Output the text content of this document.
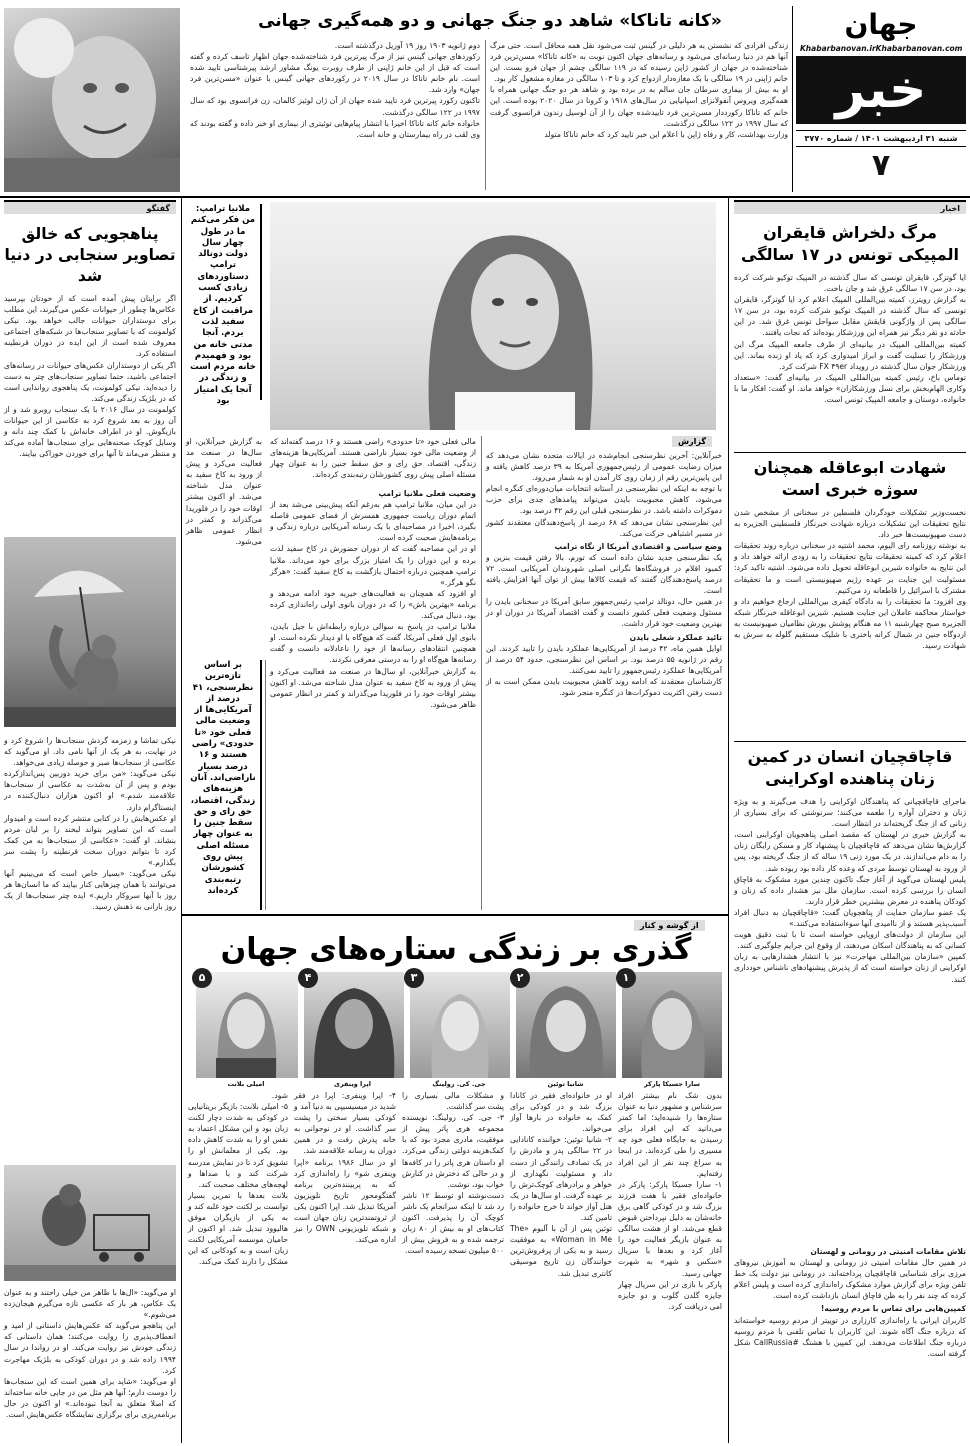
جهان
Khabarbanovan.ir Khabarbanovan.com
خبر
شنبه ۳۱ اردیبهشت ۱۴۰۱ / شماره ۳۷۷۰
۷
«کانه تاناکا» شاهد دو جنگ جهانی و دو همه‌گیری جهانی

زندگی افرادی که نشستن به هر دلیلی در گینس ثبت می‌شود نقل همه محافل است. حتی مرگ آنها هم در دنیا رسانه‌ای می‌شود و رسانه‌های جهان اکنون نوبت به «کانه تاناکا» مسن‌ترین فرد شناخته‌شده در جهان از کشور ژاپن رسیده که در ۱۱۹ سالگی چشم از جهان فرو بست. این خانم ژاپنی در ۱۹ سالگی با یک مغازه‌دار ازدواج کرد و تا ۱۰۳ سالگی در مغازه مشغول کار بود.
او به بیش از بیماری سرطان جان سالم به در برده بود و شاهد هر دو جنگ جهانی همراه با همه‌گیری ویروس آنفولانزای اسپانیایی در سال‌های ۱۹۱۸ و کرونا در سال ۲۰۲۰ بوده است. این خانم که تاناکا رکورددار مسن‌ترین فرد تاییدشده جهان را از آن لوسیل رندون فرانسوی گرفت که سال ۱۹۹۷ در ۱۲۲ سالگی درگذشت.
وزارت بهداشت، کار و رفاه ژاپن با اعلام این خبر تایید کرد که خانم تاناکا متولد

دوم ژانویه ۱۹۰۳ روز ۱۹ آوریل درگذشته است.
رکوردهای جهانی گینس نیز از مرگ پیرترین فرد شناخته‌شده جهان اظهار تاسف کرده و گفته است که قبل از این خانم ژاپنی از طرف روبرت یونگ مشاور ارشد پیرشناسی تایید شده است. نام خانم تاناکا در سال ۲۰۱۹ در رکوردهای جهانی گینس با عنوان «مسن‌ترین فرد جهان» وارد شد.
تاکنون رکورد پیرترین فرد تایید شده جهان از آن ژان لوئیز کالمان، زن فرانسوی بود که سال ۱۹۹۷ در ۱۲۲ سالگی درگذشت.
خانواده خانم کانه تاناکا اخیرا با انتشار پیام‌هایی توئیتری از بیماری او خبر داده و گفته بودند که وی لقب در راه بیمارستان و خانه است.

اخبار
مرگ دلخراش قایقران المپیکی تونس در ۱۷ سالگی

ایا گوتزگر، قایقران تونسی که سال گذشته در المپیک توکیو شرکت کرده بود، در سن ۱۷ سالگی غرق شد و جان باخت.
به گزارش رویترز، کمیته بین‌المللی المپیک اعلام کرد ایا گوتزگر، قایقران تونسی که سال گذشته در المپیک توکیو شرکت کرده بود، در سن ۱۷ سالگی پس از واژگونی قایقش مقابل سواحل تونس غرق شد. در این حادثه دو نفر دیگر نیز همراه این ورزشکار بوده‌اند که نجات یافتند.
کمیته بین‌المللی المپیک در بیانیه‌ای از طرف جامعه المپیک مرگ این ورزشکار را تسلیت گفت و ابراز امیدواری کرد که یاد او زنده بماند. این ورزشکار جوان سال گذشته در رویداد FX ۴۹er شرکت کرد.
توماس باخ، رئیس کمیته بین‌المللی المپیک در بیانیه‌ای گفت: «ستعداد وکاری الهام‌بخش برای نسل ورزشکاران» خواهد ماند. او گفت: افکار ما با خانواده، دوستان و جامعه المپیک تونس است.

شهادت ابوعاقله همچنان سوژه خبری است

نخست‌وزیر تشکیلات خودگردان فلسطین در سخنانی از مشخص شدن نتایج تحقیقات این تشکیلات درباره شهادت خبرنگار فلسطینی الجزیره به دست صهیونیست‌ها خبر داد.
به نوشته روزنامه رای الیوم، محمد اشتیه در سخنانی درباره روند تحقیقات اعلام کرد که کمیته تحقیقات نتایج تحقیقات را به زودی ارائه خواهد داد و این نتایج به خانواده شیرین ابوعاقله تحویل داده می‌شود. اشتیه تاکید کرد: مسئولیت این جنایت بر عهده رژیم صهیونیستی است و ما تحقیقات مشترک با اسرائیل را قاطعانه رد می‌کنیم.
وی افزود: ما تحقیقات را به دادگاه کیفری بین‌المللی ارجاع خواهیم داد و خواستار محاکمه عاملان این جنایت هستیم. شیرین ابوعاقله خبرنگار شبکه الجزیره صبح چهارشنبه ۱۱ مه هنگام پوشش یورش نظامیان صهیونیست به اردوگاه جنین در شمال کرانه باختری با شلیک مستقیم گلوله به سرش به شهادت رسید.

قاچاقچیان انسان در کمین زنان پناهنده اوکراینی

ماجرای قاچاقچیانی که پناهندگان اوکراینی را هدف می‌گیرند و به ویژه زنان و دختران آواره را طعمه می‌کنند؛ سرنوشتی که برای بسیاری از زنانی که از جنگ گریخته‌اند در انتظار است.
به گزارش خبری در لهستان که مقصد اصلی پناهجویان اوکراینی است، گزارش‌ها نشان می‌دهد که قاچاقچیان با پیشنهاد کار و مسکن رایگان زنان را به دام می‌اندازند. در یک مورد زنی ۱۹ ساله که از جنگ گریخته بود، پس از ورود به لهستان توسط مردی که وعده کار داده بود ربوده شد.
پلیس لهستان می‌گوید از آغاز جنگ تاکنون چندین مورد مشکوک به قاچاق انسان را بررسی کرده است. سازمان ملل نیز هشدار داده که زنان و کودکان پناهنده در معرض بیشترین خطر قرار دارند.
یک عضو سازمان حمایت از پناهجویان گفت: «قاچاقچیان به دنبال افراد آسیب‌پذیر هستند و از ناامیدی آنها سوءاستفاده می‌کنند.»
این سازمان از دولت‌های اروپایی خواسته است تا با ثبت دقیق هویت کسانی که به پناهندگان اسکان می‌دهند، از وقوع این جرایم جلوگیری کنند.
کمپین «سازمان بین‌المللی مهاجرت» نیز با انتشار هشدارهایی به زبان اوکراینی از زنان خواسته است که از پذیرش پیشنهادهای ناشناس خودداری کنند.

تلاش مقامات امنیتی در رومانی و لهستان

در همین حال مقامات امنیتی در رومانی و لهستان به آموزش نیروهای مرزی برای شناسایی قاچاقچیان پرداخته‌اند. در رومانی نیز دولت یک خط تلفن ویژه برای گزارش موارد مشکوک راه‌اندازی کرده است و پلیس اعلام کرده که چند نفر را به ظن قاچاق انسان بازداشت کرده است.

کمپین‌هایی برای تماس با مردم روسیه!

کاربران ایرانی با راه‌اندازی کارزاری در توییتر از مردم روسیه خواسته‌اند که درباره جنگ آگاه شوند. این کاربران با تماس تلفنی با مردم روسیه درباره جنگ اطلاعات می‌دهند. این کمپین با هشتگ #CallRussia شکل گرفته است.

گفتگو
پناهجویی که خالق تصاویر سنجابی در دنیا شد

اگر برایتان پیش آمده است که از خودتان بپرسید عکاس‌ها چطور از حیوانات عکس می‌گیرند، این مطلب برای دوستداران حیوانات جالب خواهد بود. نیکی کولمونت که با تصاویر سنجاب‌ها در شبکه‌های اجتماعی معروف شده است از این ایده در دوران قرنطینه استفاده کرد.
اگر یکی از دوستداران عکس‌های حیوانات در رسانه‌های اجتماعی باشید، حتما تصاویر سنجاب‌های چتر به دست را دیده‌اید. نیکی کولمونت، یک پناهجوی رواندایی است که در بلژیک زندگی می‌کند.
کولمونت در سال ۲۰۱۶ با یک سنجاب روبرو شد و از آن روز به بعد شروع کرد به عکاسی از این حیوانات بازیگوش. او در اطراف خانه‌اش با کمک چند دانه و وسایل کوچک صحنه‌هایی برای سنجاب‌ها آماده می‌کند و منتظر می‌ماند تا آنها برای خوردن خوراکی بیایند.

نیکی تماشا و زمزمه گردش سنجاب‌ها را شروع کرد و در نهایت، به هر یک از آنها نامی داد. او می‌گوید که عکاسی از سنجاب‌ها صبر و حوصله زیادی می‌خواهد.
نیکی می‌گوید: «من برای خرید دوربین پس‌اندازکرده بودم و پس از آن به‌شدت به عکاسی از سنجاب‌ها علاقه‌مند شدم.» او اکنون هزاران دنبال‌کننده در اینستاگرام دارد.
او عکس‌هایش را در کتابی منتشر کرده است و امیدوار است که این تصاویر بتواند لبخند را بر لبان مردم بنشاند. او گفت: «عکاسی از سنجاب‌ها به من کمک کرد تا بتوانم دوران سخت قرنطینه را پشت سر بگذارم.»
نیکی می‌گوید: «بسیار خاص است که می‌بینیم آنها می‌توانند با همان چیزهایی کنار بیایند که ما انسان‌ها هر روز با آنها سروکار داریم.» ایده چتر سنجاب‌ها از یک روز بارانی به ذهنش رسید.

او می‌گوید: «ال‌ها با ظاهر من خیلی راحتند و به عنوان یک عکاس، هر بار که عکسی تازه می‌گیرم هیجان‌زده می‌شوم.»
این پناهجو می‌گوید که عکس‌هایش داستانی از امید و انعطاف‌پذیری را روایت می‌کنند؛ همان داستانی که زندگی خودش نیز روایت می‌کند. او در رواندا در سال ۱۹۹۴ زاده شد و در دوران کودکی به بلژیک مهاجرت کرد.
او می‌گوید: «شاید برای همین است که این سنجاب‌ها را دوست دارم؛ آنها هم مثل من در جایی خانه ساخته‌اند که اصلا متعلق به آنجا نبوده‌اند.» او اکنون در حال برنامه‌ریزی برای برگزاری نمایشگاه عکس‌هایش است.

ملانیا ترامپ: من فکر می‌کنم ما در طول چهار سال دولت دونالد ترامپ دستاوردهای زیادی کسب کردیم. از مراقبت از کاخ سفید لذت بردم. آنجا مدتی خانه من بود و فهمیدم خانه مردم است و زندگی در آنجا یک امتیاز بود
گزارش

خبرآنلاین: آخرین نظرسنجی انجام‌شده در ایالات متحده نشان می‌دهد که میزان رضایت عمومی از رئیس‌جمهوری آمریکا به ۳۹ درصد کاهش یافته و این پایین‌ترین رقم از زمان روی کار آمدن او به شمار می‌رود.
با توجه به اینکه این نظرسنجی در آستانه انتخابات میان‌دوره‌ای کنگره انجام می‌شود، کاهش محبوبیت بایدن می‌تواند پیامدهای جدی برای حزب دموکرات داشته باشد. در نظرسنجی قبلی این رقم ۴۲ درصد بود.
این نظرسنجی نشان می‌دهد که ۶۸ درصد از پاسخ‌دهندگان معتقدند کشور در مسیر اشتباهی حرکت می‌کند.

وضع سیاسی و اقتصادی آمریکا از نگاه ترامپ

یک نظرسنجی جدید نشان داده است که تورم، بالا رفتن قیمت بنزین و کمبود اقلام در فروشگاه‌ها نگرانی اصلی شهروندان آمریکایی است. ۷۲ درصد پاسخ‌دهندگان گفتند که قیمت کالاها بیش از توان آنها افزایش یافته است.
در همین حال، دونالد ترامپ رئیس‌جمهور سابق آمریکا در سخنانی بایدن را مسئول وضعیت فعلی کشور دانست و گفت اقتصاد آمریکا در دوران او در بهترین وضعیت خود قرار داشت.

تائید عملکرد شغلی بایدن

اوایل همین ماه، ۴۲ درصد از آمریکایی‌ها عملکرد بایدن را تایید کردند. این رقم در ژانویه ۵۵ درصد بود. بر اساس این نظرسنجی، حدود ۵۴ درصد از آمریکایی‌ها عملکرد رئیس‌جمهور را تایید نمی‌کنند.
کارشناسان معتقدند که ادامه روند کاهش محبوبیت بایدن ممکن است به از دست رفتن اکثریت دموکرات‌ها در کنگره منجر شود.

مالی فعلی خود «تا حدودی» راضی هستند و ۱۶ درصد گفته‌اند که از وضعیت مالی خود بسیار ناراضی هستند. آمریکایی‌ها هزینه‌های زندگی، اقتصاد، حق رای و حق سقط جنین را به عنوان چهار مسئله اصلی پیش روی کشورشان رتبه‌بندی کرده‌اند.

وضعیت فعلی ملانیا ترامپ

در این میان، ملانیا ترامپ هم به‌رغم آنکه پیش‌بینی می‌شد بعد از اتمام دوران ریاست جمهوری همسرش از فضای عمومی فاصله بگیرد، اخیرا در مصاحبه‌ای با یک رسانه آمریکایی درباره زندگی و برنامه‌هایش صحبت کرده است.
او در این مصاحبه گفت که از دوران حضورش در کاخ سفید لذت برده و این دوران را یک امتیاز بزرگ برای خود می‌داند. ملانیا ترامپ همچنین درباره احتمال بازگشت به کاخ سفید گفت: «هرگز نگو هرگز.»
او افزود که همچنان به فعالیت‌های خیریه خود ادامه می‌دهد و برنامه «بهترین باش» را که در دوران بانوی اولی راه‌اندازی کرده بود، دنبال می‌کند.
ملانیا ترامپ در پاسخ به سوالی درباره رابطه‌اش با جیل بایدن، بانوی اول فعلی آمریکا، گفت که هیچ‌گاه با او دیدار نکرده است. او همچنین انتقادهای رسانه‌ها از خود را ناعادلانه دانست و گفت رسانه‌ها هیچ‌گاه او را به درستی معرفی نکردند.

به گزارش خبرآنلاین، او سال‌ها در صنعت مد فعالیت می‌کرد و پیش از ورود به کاخ سفید به عنوان مدل شناخته می‌شد. او اکنون بیشتر اوقات خود را در فلوریدا می‌گذراند و کمتر در انظار عمومی ظاهر می‌شود.

بر اساس تازه‌ترین نظرسنجی، ۴۱ درصد از آمریکایی‌ها از وضعیت مالی فعلی خود «تا حدودی» راضی هستند و ۱۶ درصد بسیار ناراضی‌اند. آنان هزینه‌های زندگی، اقتصاد، حق رای و حق سقط جنین را به عنوان چهار مسئله اصلی پیش روی کشورشان رتبه‌بندی کرده‌اند

به گزارش خبرآنلاین، او سال‌ها در صنعت مد فعالیت می‌کرد و پیش از ورود به کاخ سفید به عنوان مدل شناخته می‌شد. او اکنون بیشتر اوقات خود را در فلوریدا می‌گذراند و کمتر در انظار عمومی ظاهر می‌شود.

از گوشه و کنار
گذری بر زندگی ستاره‌های جهان
۱
۲
۳
۴
۵

بدون شک نام بیشتر افراد سرشناس و مشهور دنیا به عنوان ستاره‌ها را شنیده‌اید؛ اما کمتر می‌دانید که این افراد برای رسیدن به جایگاه فعلی خود چه مسیری را طی کرده‌اند. در اینجا به سراغ چند نفر از این افراد رفته‌ایم.
۱- سارا جسیکا پارکر: پارکر در خانواده‌ای فقیر با هفت فرزند بزرگ شد و در کودکی گاهی برق خانه‌شان به دلیل نپرداختن قبوض قطع می‌شد. او از هشت سالگی به عنوان بازیگر فعالیت خود را آغاز کرد و بعدها با سریال «سکس و شهر» به شهرت جهانی رسید.
پارکر با بازی در این سریال چهار جایزه گلدن گلوب و دو جایزه امی دریافت کرد.

او در خانواده‌ای فقیر در کانادا بزرگ شد و در کودکی برای کمک به خانواده در بارها آواز می‌خواند.
۲- شانیا توئین: خواننده کانادایی در ۲۲ سالگی پدر و مادرش را در یک تصادف رانندگی از دست داد و مسئولیت نگهداری از خواهر و برادرهای کوچک‌ترش را بر عهده گرفت. او سال‌ها در یک هتل آواز خواند تا خرج خانواده را تامین کند.
توئین پس از آن با آلبوم «The Woman in Me» به موفقیت رسید و به یکی از پرفروش‌ترین خوانندگان زن تاریخ موسیقی کانتری تبدیل شد.

و مشکلات مالی بسیاری را پشت سر گذاشت.
۳- جی. کی. رولینگ: نویسنده مجموعه هری پاتر پیش از موفقیت، مادری مجرد بود که با کمک‌هزینه دولتی زندگی می‌کرد. او داستان هری پاتر را در کافه‌ها و در حالی که دخترش در کنارش خواب بود، نوشت.
دست‌نوشته او توسط ۱۲ ناشر رد شد تا اینکه سرانجام یک ناشر کوچک آن را پذیرفت. اکنون کتاب‌های او به بیش از ۸۰ زبان ترجمه شده و به فروش بیش از ۵۰۰ میلیون نسخه رسیده است.

۴- اپرا وینفری: اپرا در فقر شدید در میسیسیپی به دنیا آمد و کودکی بسیار سختی را پشت سر گذاشت. او در نوجوانی به خانه پدرش رفت و در همین دوران به رسانه علاقه‌مند شد.
او در سال ۱۹۸۶ برنامه «اپرا وینفری شو» را راه‌اندازی کرد که به پربیننده‌ترین برنامه گفتگومحور تاریخ تلویزیون آمریکا تبدیل شد. اپرا اکنون یکی از ثروتمندترین زنان جهان است و شبکه تلویزیونی OWN را نیز اداره می‌کند.

شود.
۵- امیلی بلانت: بازیگر بریتانیایی در کودکی به شدت دچار لکنت زبان بود و این مشکل اعتماد به نفس او را به شدت کاهش داده بود. یکی از معلمانش او را تشویق کرد تا در نمایش مدرسه شرکت کند و با صداها و لهجه‌های مختلف صحبت کند.
بلانت بعدها با تمرین بسیار توانست بر لکنت خود غلبه کند و به یکی از بازیگران موفق هالیوود تبدیل شد. او اکنون از حامیان موسسه آمریکایی لکنت زبان است و به کودکانی که این مشکل را دارند کمک می‌کند.

سارا جسیکا پارکر
شانیا توئین
جی. کی. رولینگ
اپرا وینفری
امیلی بلانت
